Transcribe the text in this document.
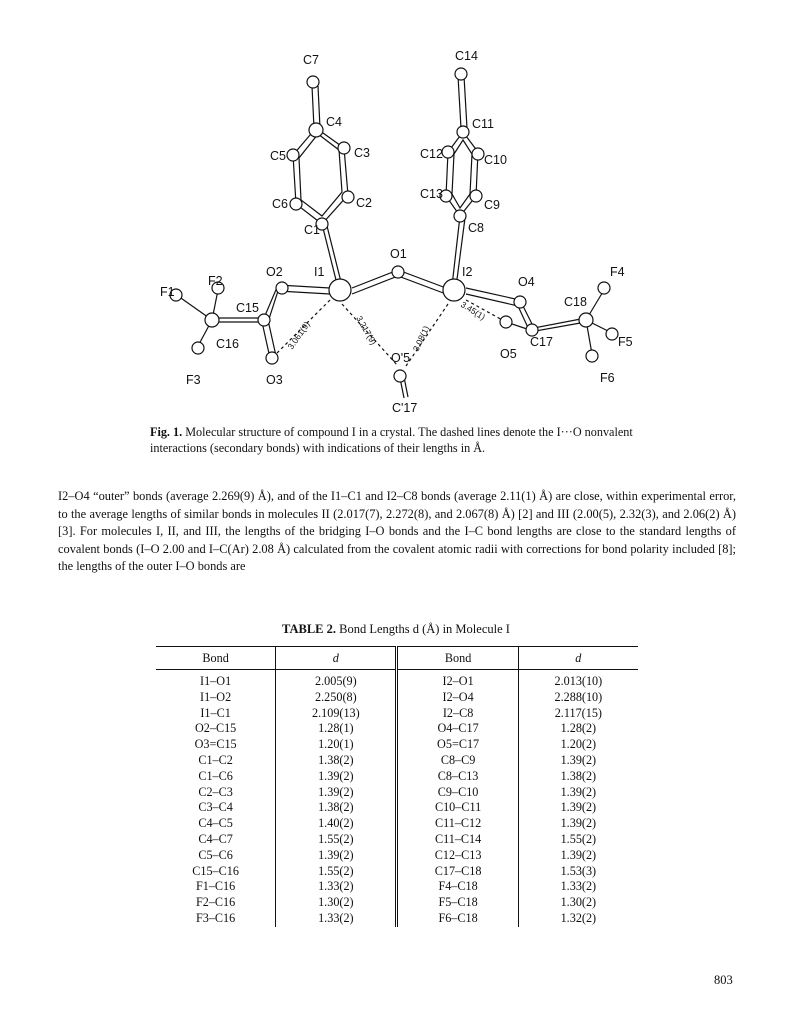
C7
C4
C5	C3
C6	C2
C1
C14
C11
C12	C10
C13
C9
C8
O1
O2	I1	I2
O4
F1
F2
C15
C16
F3	O3
O'5	O5
C'17
C17
C18
F4
F5
F6
3.061(9)	3.217(9)	3.08(1)
3.45(1)
Fig. 1. Molecular structure of compound I in a crystal. The dashed lines denote the I···O nonvalent interactions (secondary bonds) with indications of their lengths in Å.

I2–O4 “outer” bonds (average 2.269(9) Å), and of the I1–C1 and I2–C8 bonds (average 2.11(1) Å) are close, within experimental error, to the average lengths of similar bonds in molecules II (2.017(7), 2.272(8), and 2.067(8) Å) [2] and III (2.00(5), 2.32(3), and 2.06(2) Å) [3]. For molecules I, II, and III, the lengths of the bridging I–O bonds and the I–C bond lengths are close to the standard lengths of covalent bonds (I–O 2.00 and I–C(Ar) 2.08 Å) calculated from the covalent atomic radii with corrections for bond polarity included [8]; the lengths of the outer I–O bonds are

TABLE 2. Bond Lengths d (Å) in Molecule I
Bond	d	Bond	d
I1–O1	2.005(9)	I2–O1	2.013(10)
I1–O2	2.250(8)	I2–O4	2.288(10)
I1–C1	2.109(13)	I2–C8	2.117(15)
O2–C15	1.28(1)	O4–C17	1.28(2)
O3=C15	1.20(1)	O5=C17	1.20(2)
C1–C2	1.38(2)	C8–C9	1.39(2)
C1–C6	1.39(2)	C8–C13	1.38(2)
C2–C3	1.39(2)	C9–C10	1.39(2)
C3–C4	1.38(2)	C10–C11	1.39(2)
C4–C5	1.40(2)	C11–C12	1.39(2)
C4–C7	1.55(2)	C11–C14	1.55(2)
C5–C6	1.39(2)	C12–C13	1.39(2)
C15–C16	1.55(2)	C17–C18	1.53(3)
F1–C16	1.33(2)	F4–C18	1.33(2)
F2–C16	1.30(2)	F5–C18	1.30(2)
F3–C16	1.33(2)	F6–C18	1.32(2)
803
